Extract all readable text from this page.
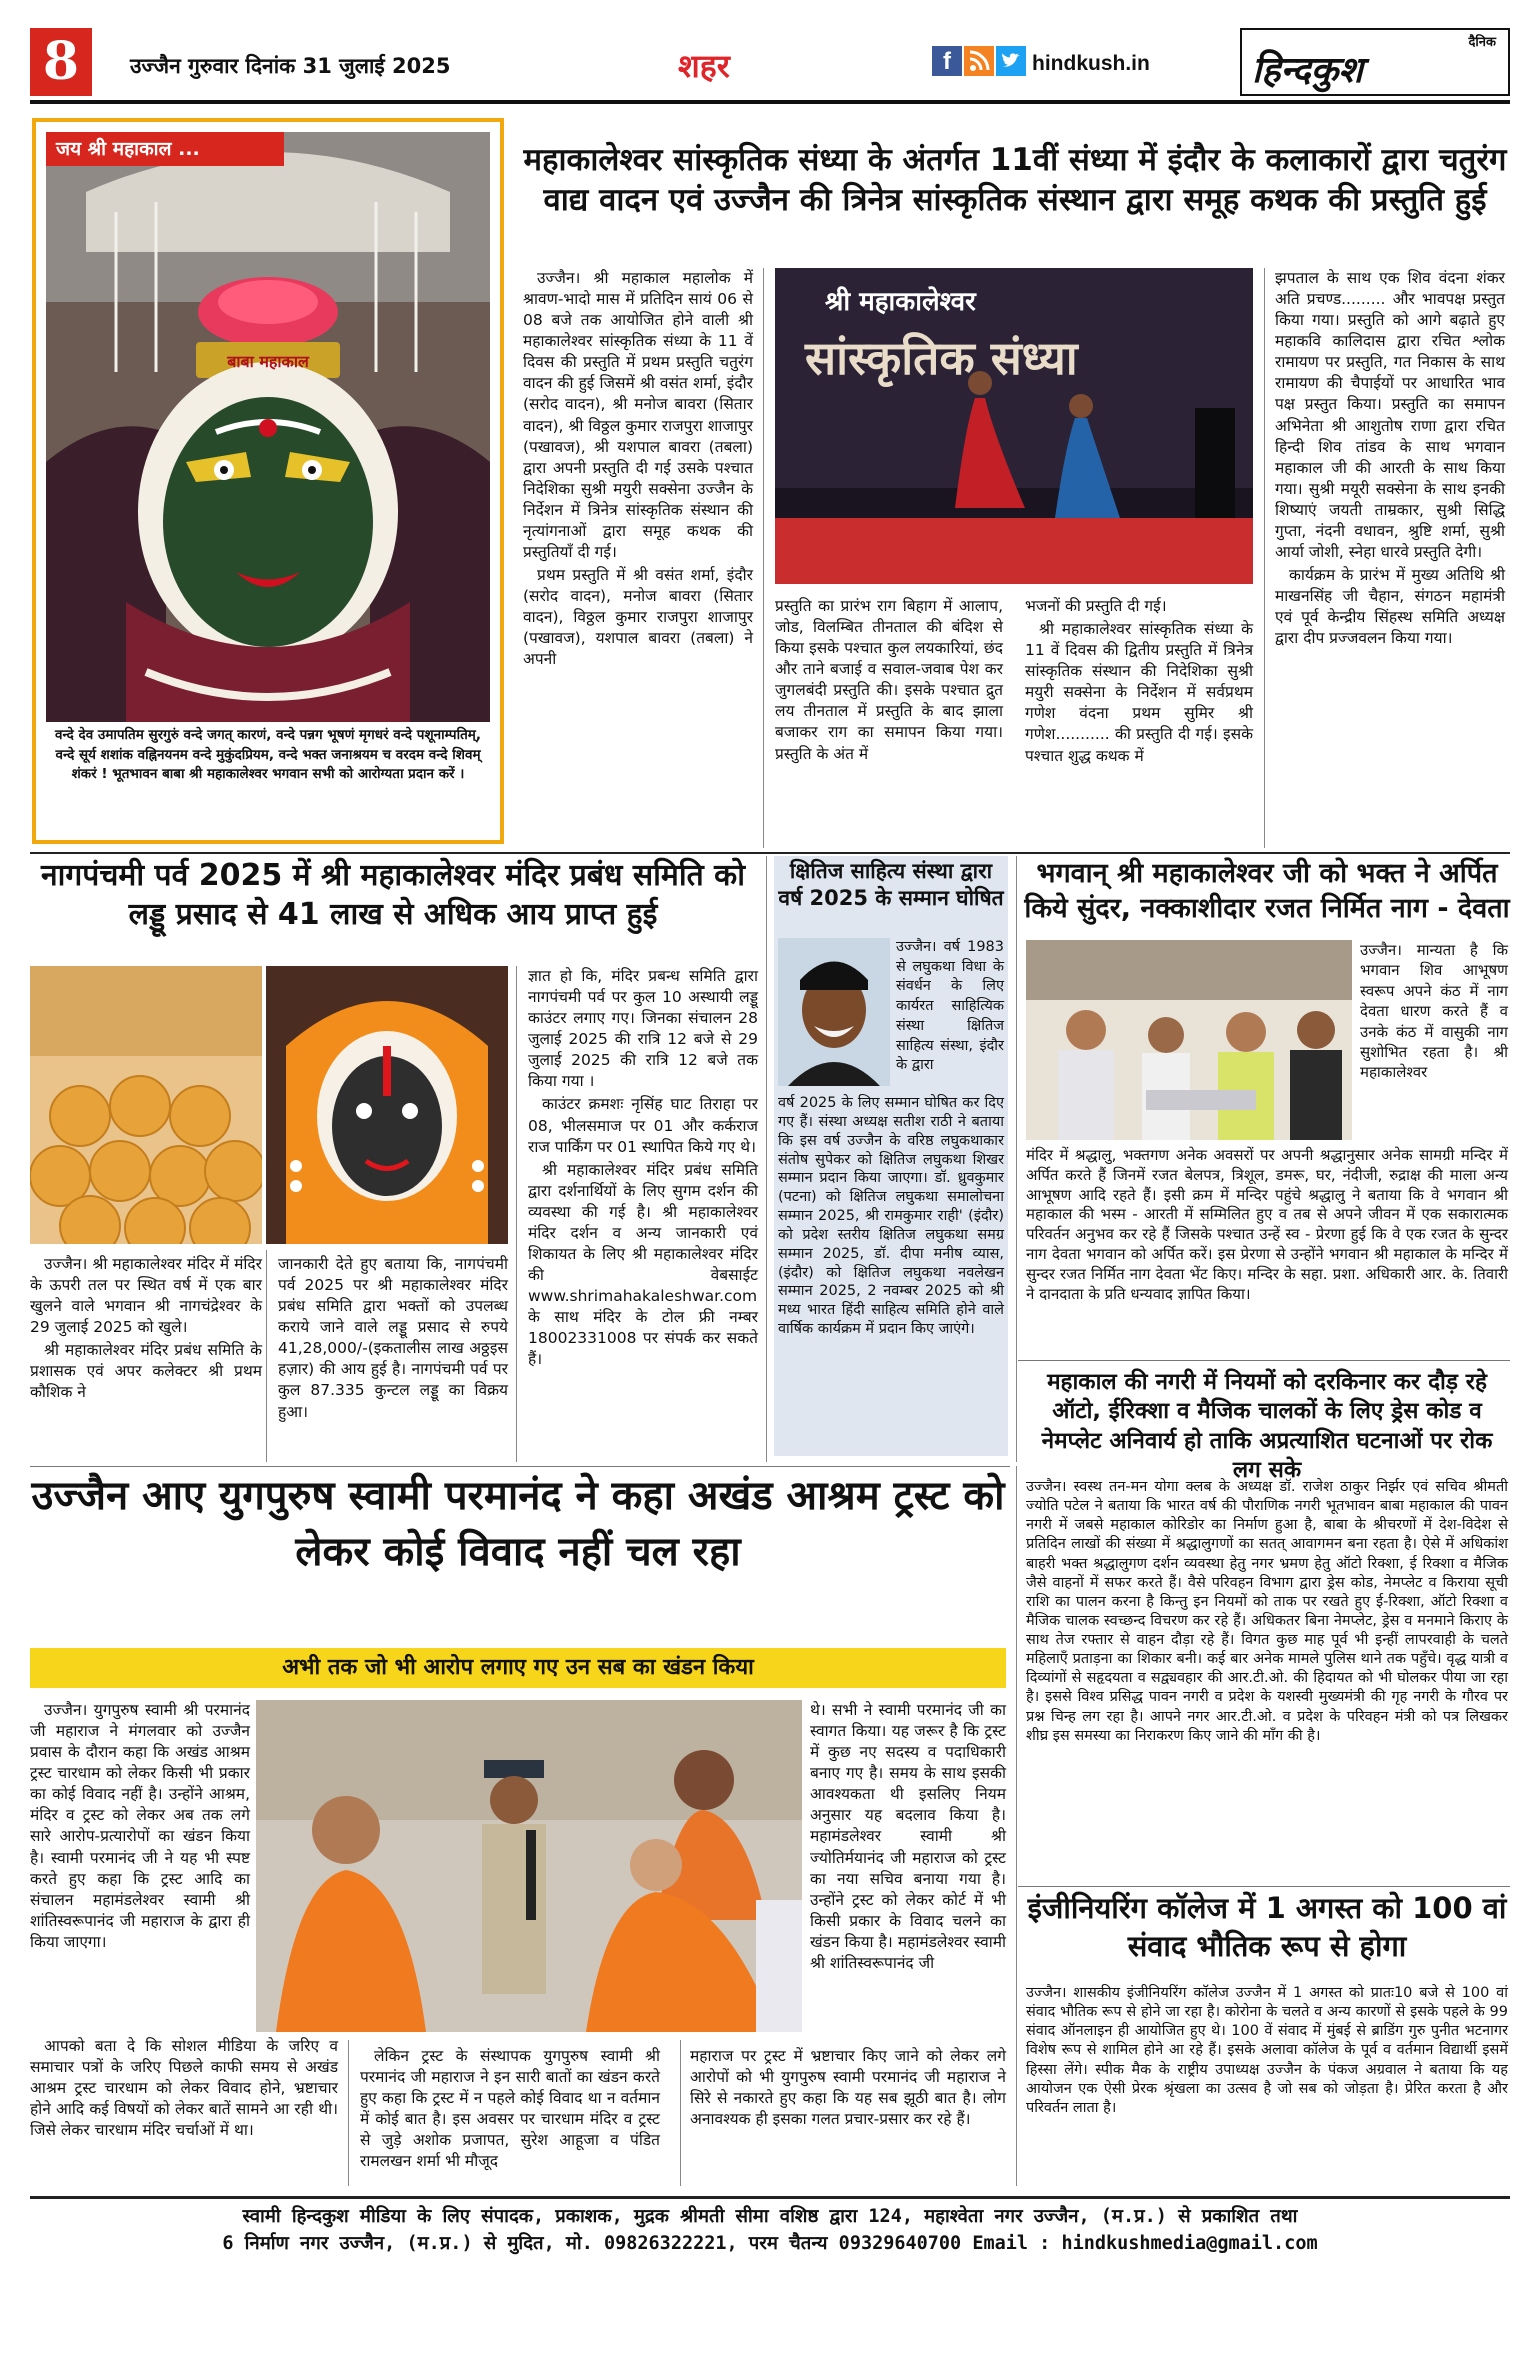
8	उज्जैन गुरुवार दिनांक 31 जुलाई 2025	शहर	f	hindkush.in
दैनिक
हिन्दकुश
बाबा महाकाल
जय श्री महाकाल ...
वन्दे देव उमापतिम सुरगुरुं वन्दे जगत् कारणं, वन्दे पन्नग भूषणं मृगधरं वन्दे पशूनाम्पतिम्, वन्दे सूर्य शशांक वह्निनयनम वन्दे मुकुंदप्रियम, वन्दे भक्त जनाश्रयम च वरदम वन्दे शिवम् शंकरं ! भूतभावन बाबा श्री महाकालेश्वर भगवान सभी को आरोग्यता प्रदान करें ।
महाकालेश्वर सांस्कृतिक संध्या के अंतर्गत 11वीं संध्या में इंदौर के कलाकारों द्वारा चतुरंग वाद्य वादन एवं उज्जैन की त्रिनेत्र सांस्कृतिक संस्थान द्वारा समूह कथक की प्रस्तुति हुई

उज्जैन। श्री महाकाल महालोक में श्रावण-भादो मास में प्रतिदिन सायं 06 से 08 बजे तक आयोजित होने वाली श्री महाकालेश्वर सांस्कृतिक संध्या के 11 वें दिवस की प्रस्तुति में प्रथम प्रस्तुति चतुरंग वादन की हुई जिसमें श्री वसंत शर्मा, इंदौर (सरोद वादन), श्री मनोज बावरा (सितार वादन), श्री विठ्ठल कुमार राजपुरा शाजापुर (पखावज), श्री यशपाल बावरा (तबला) द्वारा अपनी प्रस्तुति दी गई उसके पश्चात निदेशिका सुश्री मयुरी सक्सेना उज्जैन के निर्देशन में त्रिनेत्र सांस्कृतिक संस्थान की नृत्यांगनाओं द्वारा समूह कथक की प्रस्तुतियाँ दी गई।

प्रथम प्रस्तुति में श्री वसंत शर्मा, इंदौर (सरोद वादन), मनोज बावरा (सितार वादन), विठ्ठल कुमार राजपुरा शाजापुर (पखावज), यशपाल बावरा (तबला) ने अपनी

श्री महाकालेश्वर
सांस्कृतिक संध्या

प्रस्तुति का प्रारंभ राग बिहाग में आलाप, जोड, विलम्बित तीनताल की बंदिश से किया इसके पश्चात कुल लयकारियां, छंद और ताने बजाई व सवाल-जवाब पेश कर जुगलबंदी प्रस्तुति की। इसके पश्चात द्रुत लय तीनताल में प्रस्तुति के बाद झाला बजाकर राग का समापन किया गया। प्रस्तुति के अंत में

भजनों की प्रस्तुति दी गई।

श्री महाकालेश्वर सांस्कृतिक संध्या के 11 वें दिवस की द्वितीय प्रस्तुति में त्रिनेत्र सांस्कृतिक संस्थान की निदेशिका सुश्री मयुरी सक्सेना के निर्देशन में सर्वप्रथम गणेश वंदना प्रथम सुमिर श्री गणेश........... की प्रस्तुति दी गई। इसके पश्चात शुद्ध कथक में

झपताल के साथ एक शिव वंदना शंकर अति प्रचण्ड......... और भावपक्ष प्रस्तुत किया गया। प्रस्तुति को आगे बढ़ाते हुए महाकवि कालिदास द्वारा रचित श्लोक रामायण पर प्रस्तुति, गत निकास के साथ रामायण की चैपाईयों पर आधारित भाव पक्ष प्रस्तुत किया। प्रस्तुति का समापन अभिनेता श्री आशुतोष राणा द्वारा रचित हिन्दी शिव तांडव के साथ भगवान महाकाल जी की आरती के साथ किया गया। सुश्री मयूरी सक्सेना के साथ इनकी शिष्याएं जयती ताम्रकार, सुश्री सिद्धि गुप्ता, नंदनी वधावन, श्रुष्टि शर्मा, सुश्री आर्या जोशी, स्नेहा धारवे प्रस्तुति देगी।

कार्यक्रम के प्रारंभ में मुख्य अतिथि श्री माखनसिंह जी चैहान, संगठन महामंत्री एवं पूर्व केन्द्रीय सिंहस्थ समिति अध्यक्ष द्वारा दीप प्रज्जवलन किया गया।

नागपंचमी पर्व 2025 में श्री महाकालेश्वर मंदिर प्रबंध समिति को लड्डू प्रसाद से 41 लाख से अधिक आय प्राप्त हुई

उज्जैन। श्री महाकालेश्वर मंदिर में मंदिर के ऊपरी तल पर स्थित वर्ष में एक बार खुलने वाले भगवान श्री नागचंद्रेश्वर के 29 जुलाई 2025 को खुले।

श्री महाकालेश्वर मंदिर प्रबंध समिति के प्रशासक एवं अपर कलेक्टर श्री प्रथम कौशिक ने

जानकारी देते हुए बताया कि, नागपंचमी पर्व 2025 पर श्री महाकालेश्वर मंदिर प्रबंध समिति द्वारा भक्तों को उपलब्ध कराये जाने वाले लड्डू प्रसाद से रुपये 41,28,000/-(इकतालीस लाख अठ्ठइस हज़ार) की आय हुई है। नागपंचमी पर्व पर कुल 87.335 कुन्टल लड्डू का विक्रय हुआ।

ज्ञात हो कि, मंदिर प्रबन्ध समिति द्वारा नागपंचमी पर्व पर कुल 10 अस्थायी लड्डू काउंटर लगाए गए। जिनका संचालन 28 जुलाई 2025 की रात्रि 12 बजे से 29 जुलाई 2025 की रात्रि 12 बजे तक किया गया ।

काउंटर क्रमशः नृसिंह घाट तिराहा पर 08, भीलसमाज पर 01 और कर्कराज राज पार्किंग पर 01 स्थापित किये गए थे।

श्री महाकालेश्वर मंदिर प्रबंध समिति द्वारा दर्शनार्थियों के लिए सुगम दर्शन की व्यवस्था की गई है। श्री महाकालेश्वर मंदिर दर्शन व अन्य जानकारी एवं शिकायत के लिए श्री महाकालेश्वर मंदिर की वेबसाईट www.shrimahakaleshwar.com के साथ मंदिर के टोल फ्री नम्बर 18002331008 पर संपर्क कर सकते हैं।

क्षितिज साहित्य संस्था द्वारा वर्ष 2025 के सम्मान घोषित
उज्जैन। वर्ष 1983 से लघुकथा विधा के संवर्धन के लिए कार्यरत साहित्यिक संस्था क्षितिज साहित्य संस्था, इंदौर के द्वारा
वर्ष 2025 के लिए सम्मान घोषित कर दिए गए हैं। संस्था अध्यक्ष सतीश राठी ने बताया कि इस वर्ष उज्जैन के वरिष्ठ लघुकथाकार संतोष सुपेकर को क्षितिज लघुकथा शिखर सम्मान प्रदान किया जाएगा। डॉ. ध्रुवकुमार (पटना) को क्षितिज लघुकथा समालोचना सम्मान 2025, श्री रामकुमार राही' (इंदौर) को प्रदेश स्तरीय क्षितिज लघुकथा समग्र सम्मान 2025, डॉ. दीपा मनीष व्यास, (इंदौर) को क्षितिज लघुकथा नवलेखन सम्मान 2025, 2 नवम्बर 2025 को श्री मध्य भारत हिंदी साहित्य समिति होने वाले वार्षिक कार्यक्रम में प्रदान किए जाएंगे।
भगवान् श्री महाकालेश्वर जी को भक्त ने अर्पित किये सुंदर, नक्काशीदार रजत निर्मित नाग - देवता
उज्जैन। मान्यता है कि भगवान शिव आभूषण स्वरूप अपने कंठ में नाग देवता धारण करते हैं व उनके कंठ में वासुकी नाग सुशोभित रहता है। श्री महाकालेश्वर
मंदिर में श्रद्धालु, भक्तगण अनेक अवसरों पर अपनी श्रद्धानुसार अनेक सामग्री मन्दिर में अर्पित करते हैं जिनमें रजत बेलपत्र, त्रिशूल, डमरू, घर, नंदीजी, रुद्राक्ष की माला अन्य आभूषण आदि रहते हैं। इसी क्रम में मन्दिर पहुंचे श्रद्धालु ने बताया कि वे भगवान श्री महाकाल की भस्म - आरती में सम्मिलित हुए व तब से अपने जीवन में एक सकारात्मक परिवर्तन अनुभव कर रहे हैं जिसके पश्चात उन्हें स्व - प्रेरणा हुई कि वे एक रजत के सुन्दर नाग देवता भगवान को अर्पित करें। इस प्रेरणा से उन्होंने भगवान श्री महाकाल के मन्दिर में सुन्दर रजत निर्मित नाग देवता भेंट किए। मन्दिर के सहा. प्रशा. अधिकारी आर. के. तिवारी ने दानदाता के प्रति धन्यवाद ज्ञापित किया।
महाकाल की नगरी में नियमों को दरकिनार कर दौड़ रहे ऑटो, ईरिक्शा व मैजिक चालकों के लिए ड्रेस कोड व नेमप्लेट अनिवार्य हो ताकि अप्रत्याशित घटनाओं पर रोक लग सके
उज्जैन। स्वस्थ तन-मन योगा क्लब के अध्यक्ष डॉ. राजेश ठाकुर निर्झर एवं सचिव श्रीमती ज्योति पटेल ने बताया कि भारत वर्ष की पौराणिक नगरी भूतभावन बाबा महाकाल की पावन नगरी में जबसे महाकाल कोरिडोर का निर्माण हुआ है, बाबा के श्रीचरणों में देश-विदेश से प्रतिदिन लाखों की संख्या में श्रद्धालुगणों का सतत् आवागमन बना रहता है। ऐसे में अधिकांश बाहरी भक्त श्रद्धालुगण दर्शन व्यवस्था हेतु नगर भ्रमण हेतु ऑटो रिक्शा, ई रिक्शा व मैजिक जैसे वाहनों में सफर करते हैं। वैसे परिवहन विभाग द्वारा ड्रेस कोड, नेमप्लेट व किराया सूची राशि का पालन करना है किन्तु इन नियमों को ताक पर रखते हुए ई-रिक्शा, ऑटो रिक्शा व मैजिक चालक स्वच्छन्द विचरण कर रहे हैं। अधिकतर बिना नेमप्लेट, ड्रेस व मनमाने किराए के साथ तेज रफ्तार से वाहन दौड़ा रहे हैं। विगत कुछ माह पूर्व भी इन्हीं लापरवाही के चलते महिलाएँ प्रताड़ना का शिकार बनी। कई बार अनेक मामले पुलिस थाने तक पहुँचे। वृद्ध यात्री व दिव्यांगों से सहृदयता व सद्व्यवहार की आर.टी.ओ. की हिदायत को भी घोलकर पीया जा रहा है। इससे विश्व प्रसिद्ध पावन नगरी व प्रदेश के यशस्वी मुख्यमंत्री की गृह नगरी के गौरव पर प्रश्न चिन्ह लग रहा है। आपने नगर आर.टी.ओ. व प्रदेश के परिवहन मंत्री को पत्र लिखकर शीघ्र इस समस्या का निराकरण किए जाने की माँग की है।
इंजीनियरिंग कॉलेज में 1 अगस्त को 100 वां संवाद भौतिक रूप से होगा
उज्जैन। शासकीय इंजीनियरिंग कॉलेज उज्जैन में 1 अगस्त को प्रातः10 बजे से 100 वां संवाद भौतिक रूप से होने जा रहा है। कोरोना के चलते व अन्य कारणों से इसके पहले के 99 संवाद ऑनलाइन ही आयोजित हुए थे। 100 वें संवाद में मुंबई से ब्राडिंग गुरु पुनीत भटनागर विशेष रूप से शामिल होने आ रहे हैं। इसके अलावा कॉलेज के पूर्व व वर्तमान विद्यार्थी इसमें हिस्सा लेंगे। स्पीक मैक के राष्ट्रीय उपाध्यक्ष उज्जैन के पंकज अग्रवाल ने बताया कि यह आयोजन एक ऐसी प्रेरक श्रृंखला का उत्सव है जो सब को जोड़ता है। प्रेरित करता है और परिवर्तन लाता है।
उज्जैन आए युगपुरुष स्वामी परमानंद ने कहा अखंड आश्रम ट्रस्ट को लेकर कोई विवाद नहीं चल रहा
अभी तक जो भी आरोप लगाए गए उन सब का खंडन किया

उज्जैन। युगपुरुष स्वामी श्री परमानंद जी महाराज ने मंगलवार को उज्जैन प्रवास के दौरान कहा कि अखंड आश्रम ट्रस्ट चारधाम को लेकर किसी भी प्रकार का कोई विवाद नहीं है। उन्होंने आश्रम, मंदिर व ट्रस्ट को लेकर अब तक लगे सारे आरोप-प्रत्यारोपों का खंडन किया है। स्वामी परमानंद जी ने यह भी स्पष्ट करते हुए कहा कि ट्रस्ट आदि का संचालन महामंडलेश्वर स्वामी श्री शांतिस्वरूपानंद जी महाराज के द्वारा ही किया जाएगा।

थे। सभी ने स्वामी परमानंद जी का स्वागत किया। यह जरूर है कि ट्रस्ट में कुछ नए सदस्य व पदाधिकारी बनाए गए है। समय के साथ इसकी आवश्यकता थी इसलिए नियम अनुसार यह बदलाव किया है। महामंडलेश्वर स्वामी श्री ज्योतिर्मयानंद जी महाराज को ट्रस्ट का नया सचिव बनाया गया है। उन्होंने ट्रस्ट को लेकर कोर्ट में भी किसी प्रकार के विवाद चलने का खंडन किया है। महामंडलेश्वर स्वामी श्री शांतिस्वरूपानंद जी

आपको बता दे कि सोशल मीडिया के जरिए व समाचार पत्रों के जरिए पिछले काफी समय से अखंड आश्रम ट्रस्ट चारधाम को लेकर विवाद होने, भ्रष्टाचार होने आदि कई विषयों को लेकर बातें सामने आ रही थी। जिसे लेकर चारधाम मंदिर चर्चाओं में था।

लेकिन ट्रस्ट के संस्थापक युगपुरुष स्वामी श्री परमानंद जी महाराज ने इन सारी बातों का खंडन करते हुए कहा कि ट्रस्ट में न पहले कोई विवाद था न वर्तमान में कोई बात है। इस अवसर पर चारधाम मंदिर व ट्रस्ट से जुड़े अशोक प्रजापत, सुरेश आहूजा व पंडित रामलखन शर्मा भी मौजूद

महाराज पर ट्रस्ट में भ्रष्टाचार किए जाने को लेकर लगे आरोपों को भी युगपुरुष स्वामी परमानंद जी महाराज ने सिरे से नकारते हुए कहा कि यह सब झूठी बात है। लोग अनावश्यक ही इसका गलत प्रचार-प्रसार कर रहे हैं।

स्वामी हिन्दकुश मीडिया के लिए संपादक, प्रकाशक, मुद्रक श्रीमती सीमा वशिष्ठ द्वारा 124, महाश्वेता नगर उज्जैन, (म.प्र.) से प्रकाशित तथा
6 निर्माण नगर उज्जैन, (म.प्र.) से मुदित, मो. 09826322221, परम चैतन्य 09329640700 Email : hindkushmedia@gmail.com
